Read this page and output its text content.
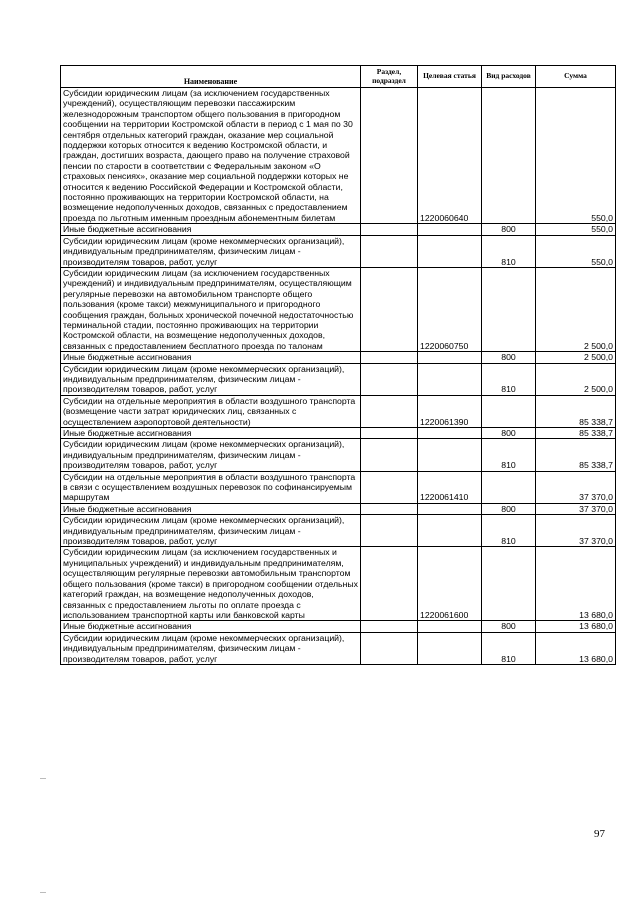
Наименование	Раздел, подраздел	Целевая статья	Вид расходов	Сумма
Субсидии юридическим лицам (за исключением государственных учреждений), осуществляющим перевозки пассажирским железнодорожным транспортом общего пользования в пригородном сообщении на территории Костромской области в период с 1 мая по 30 сентября отдельных категорий граждан, оказание мер социальной поддержки которых относится к ведению Костромской области, и граждан, достигших возраста, дающего право на получение страховой пенсии по старости в соответствии с Федеральным законом «О страховых пенсиях», оказание мер социальной поддержки которых не относится к ведению Российской Федерации и Костромской области, постоянно проживающих на территории Костромской области, на возмещение недополученных доходов, связанных с предоставлением проезда по льготным именным проездным абонементным билетам		1220060640		550,0
Иные бюджетные ассигнования			800	550,0
Субсидии юридическим лицам (кроме некоммерческих организаций), индивидуальным предпринимателям, физическим лицам - производителям товаров, работ, услуг			810	550,0
Субсидии юридическим лицам (за исключением государственных учреждений) и индивидуальным предпринимателям, осуществляющим регулярные перевозки на автомобильном транспорте общего пользования (кроме такси) межмуниципального и пригородного сообщения граждан, больных хронической почечной недостаточностью терминальной стадии, постоянно проживающих на территории Костромской области, на возмещение недополученных доходов, связанных с предоставлением бесплатного проезда по талонам		1220060750		2 500,0
Иные бюджетные ассигнования			800	2 500,0
Субсидии юридическим лицам (кроме некоммерческих организаций), индивидуальным предпринимателям, физическим лицам - производителям товаров, работ, услуг			810	2 500,0
Субсидии на отдельные мероприятия в области воздушного транспорта (возмещение части затрат юридических лиц, связанных с осуществлением аэропортовой деятельности)		1220061390		85 338,7
Иные бюджетные ассигнования			800	85 338,7
Субсидии юридическим лицам (кроме некоммерческих организаций), индивидуальным предпринимателям, физическим лицам - производителям товаров, работ, услуг			810	85 338,7
Субсидии на отдельные мероприятия в области воздушного транспорта в связи с осуществлением воздушных перевозок по софинансируемым маршрутам		1220061410		37 370,0
Иные бюджетные ассигнования			800	37 370,0
Субсидии юридическим лицам (кроме некоммерческих организаций), индивидуальным предпринимателям, физическим лицам - производителям товаров, работ, услуг			810	37 370,0
Субсидии юридическим лицам (за исключением государственных и муниципальных учреждений) и индивидуальным предпринимателям, осуществляющим регулярные перевозки автомобильным транспортом общего пользования (кроме такси) в пригородном сообщении отдельных категорий граждан, на возмещение недополученных доходов, связанных с предоставлением льготы по оплате проезда с использованием транспортной карты или банковской карты		1220061600		13 680,0
Иные бюджетные ассигнования			800	13 680,0
Субсидии юридическим лицам (кроме некоммерческих организаций), индивидуальным предпринимателям, физическим лицам - производителям товаров, работ, услуг			810	13 680,0
97
